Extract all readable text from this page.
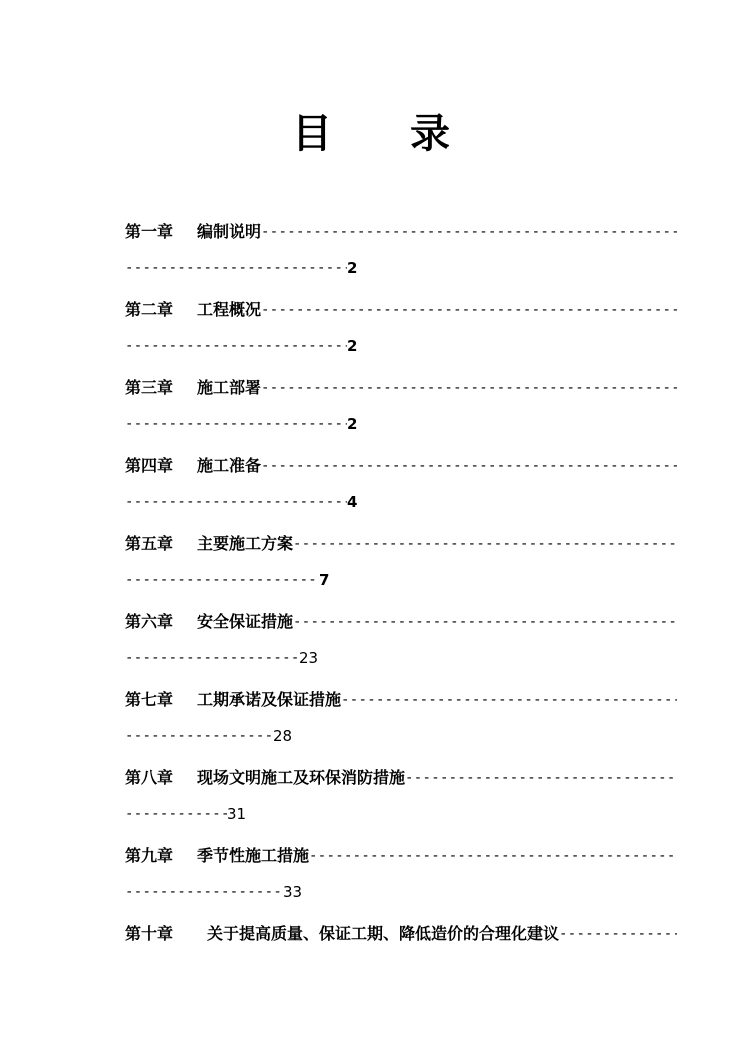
目 录
第一章 编制说明
-----
-----
2
第二章 工程概况
-----
-----
2
第三章 施工部署
-----
-----
2
第四章 施工准备
-----
-----
4
第五章 主要施工方案
-----
-----
7
第六章 安全保证措施
-----
-----
23
第七章 工期承诺及保证措施
-----
-----
28
第八章 现场文明施工及环保消防措施
-----
-----
31
第九章 季节性施工措施
-----
-----
33
第十章 关于提高质量、保证工期、降低造价的合理化建议
-----
